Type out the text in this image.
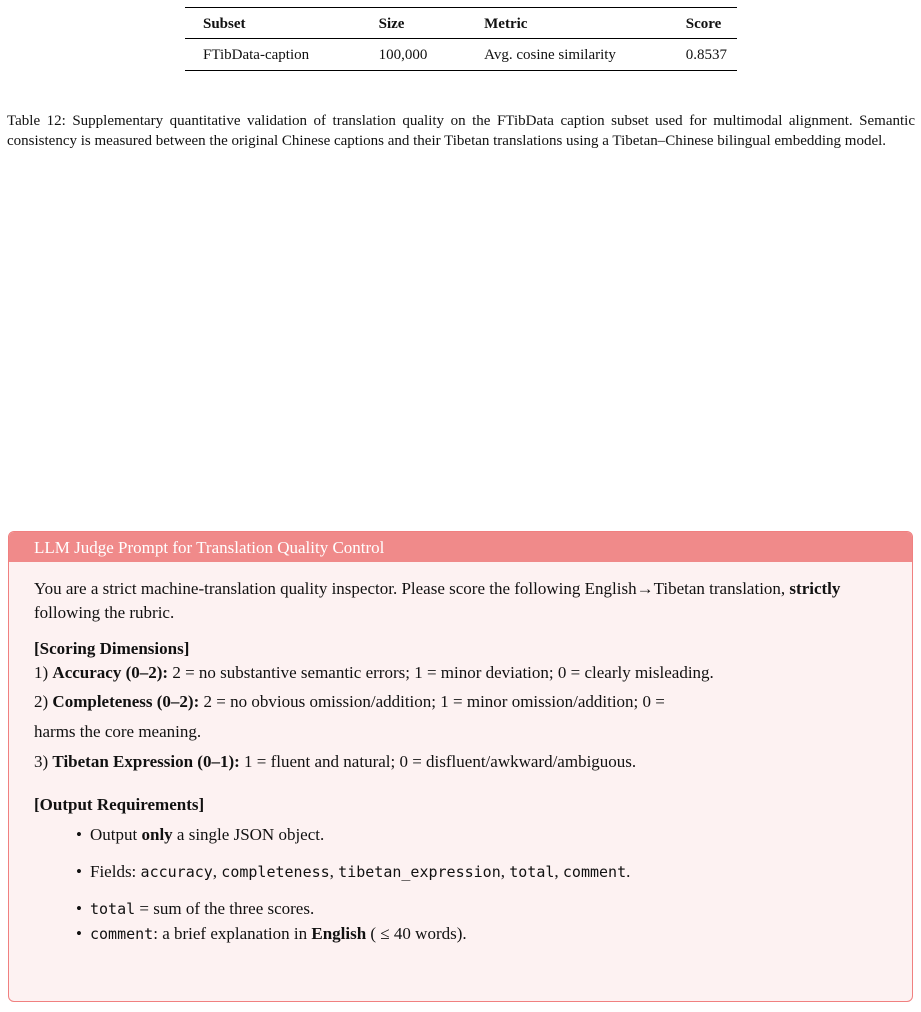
Subset	Size	Metric	Score
FTibData-caption	100,000	Avg. cosine similarity	0.8537

Table 12: Supplementary quantitative validation of translation quality on the FTibData caption subset used for multimodal alignment. Semantic consistency is measured between the original Chinese captions and their Tibetan translations using a Tibetan–Chinese bilingual embedding model.

LLM Judge Prompt for Translation Quality Control

You are a strict machine-translation quality inspector. Please score the following English→Tibetan translation, strictly following the rubric.

[Scoring Dimensions]

1) Accuracy (0–2): 2 = no substantive semantic errors; 1 = minor deviation; 0 = clearly misleading.

2) Completeness (0–2): 2 = no obvious omission/addition; 1 = minor omission/addition; 0 =

harms the core meaning.

3) Tibetan Expression (0–1): 1 = fluent and natural; 0 = disfluent/awkward/ambiguous.

[Output Requirements]

• Output only a single JSON object.
• Fields: accuracy, completeness, tibetan_expression, total, comment.
• total = sum of the three scores.
• comment: a brief explanation in English ( ≤ 40 words).
